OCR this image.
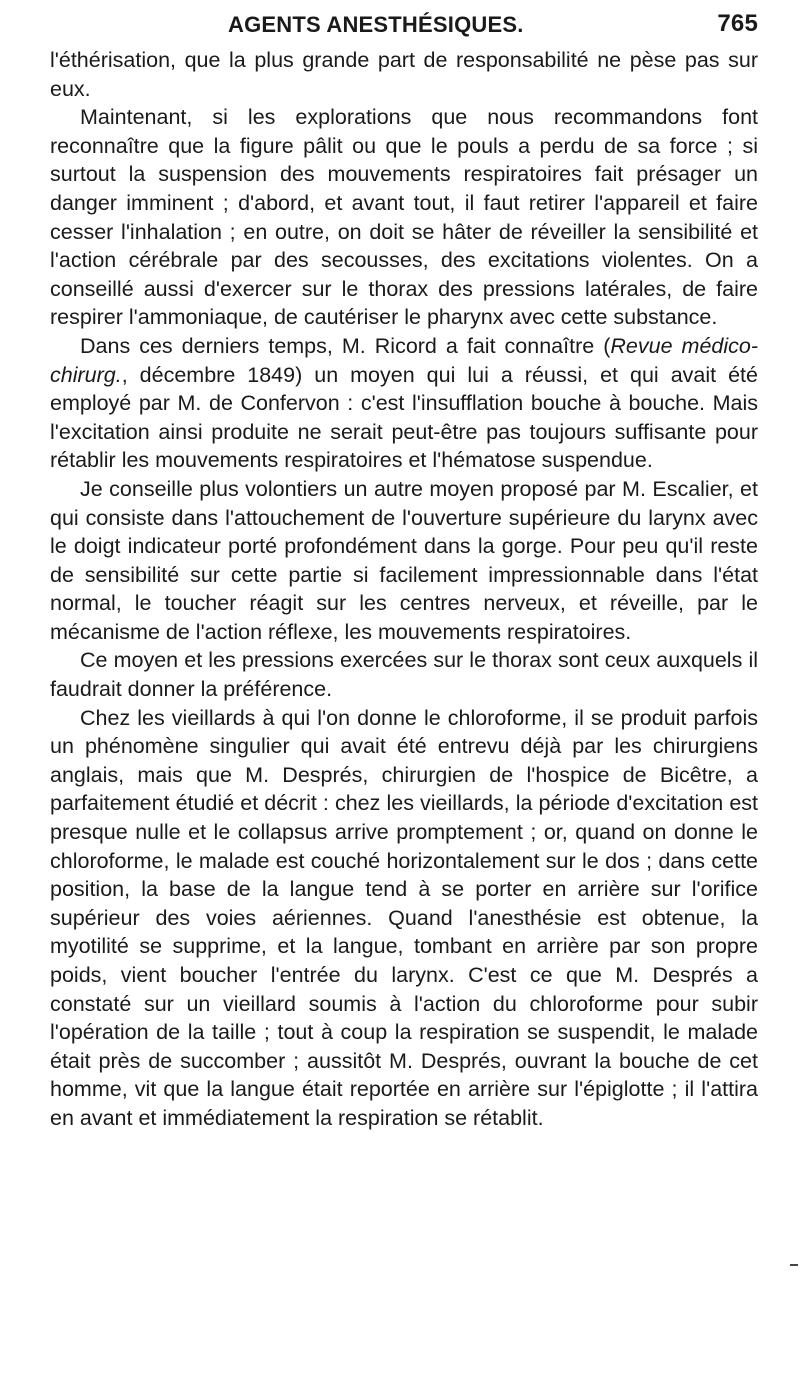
AGENTS ANESTHÉSIQUES.	765

l'éthérisation, que la plus grande part de responsabilité ne pèse pas sur eux.

Maintenant, si les explorations que nous recommandons font reconnaître que la figure pâlit ou que le pouls a perdu de sa force ; si surtout la suspension des mouvements respiratoires fait présager un danger imminent ; d'abord, et avant tout, il faut retirer l'appareil et faire cesser l'inhalation ; en outre, on doit se hâter de réveiller la sensibilité et l'action cérébrale par des secousses, des excitations violentes. On a conseillé aussi d'exercer sur le thorax des pressions latérales, de faire respirer l'ammoniaque, de cautériser le pharynx avec cette substance.

Dans ces derniers temps, M. Ricord a fait connaître (Revue médico-chirurg., décembre 1849) un moyen qui lui a réussi, et qui avait été employé par M. de Confervon : c'est l'insufflation bouche à bouche. Mais l'excitation ainsi produite ne serait peut-être pas toujours suffisante pour rétablir les mouvements respiratoires et l'hématose suspendue.

Je conseille plus volontiers un autre moyen proposé par M. Escalier, et qui consiste dans l'attouchement de l'ouverture supérieure du larynx avec le doigt indicateur porté profondément dans la gorge. Pour peu qu'il reste de sensibilité sur cette partie si facilement impressionnable dans l'état normal, le toucher réagit sur les centres nerveux, et réveille, par le mécanisme de l'action réflexe, les mouvements respiratoires.

Ce moyen et les pressions exercées sur le thorax sont ceux auxquels il faudrait donner la préférence.

Chez les vieillards à qui l'on donne le chloroforme, il se produit parfois un phénomène singulier qui avait été entrevu déjà par les chirurgiens anglais, mais que M. Després, chirurgien de l'hospice de Bicêtre, a parfaitement étudié et décrit : chez les vieillards, la période d'excitation est presque nulle et le collapsus arrive promptement ; or, quand on donne le chloroforme, le malade est couché horizontalement sur le dos ; dans cette position, la base de la langue tend à se porter en arrière sur l'orifice supérieur des voies aériennes. Quand l'anesthésie est obtenue, la myotilité se supprime, et la langue, tombant en arrière par son propre poids, vient boucher l'entrée du larynx. C'est ce que M. Després a constaté sur un vieillard soumis à l'action du chloroforme pour subir l'opération de la taille ; tout à coup la respiration se suspendit, le malade était près de succomber ; aussitôt M. Després, ouvrant la bouche de cet homme, vit que la langue était reportée en arrière sur l'épiglotte ; il l'attira en avant et immédiatement la respiration se rétablit.
